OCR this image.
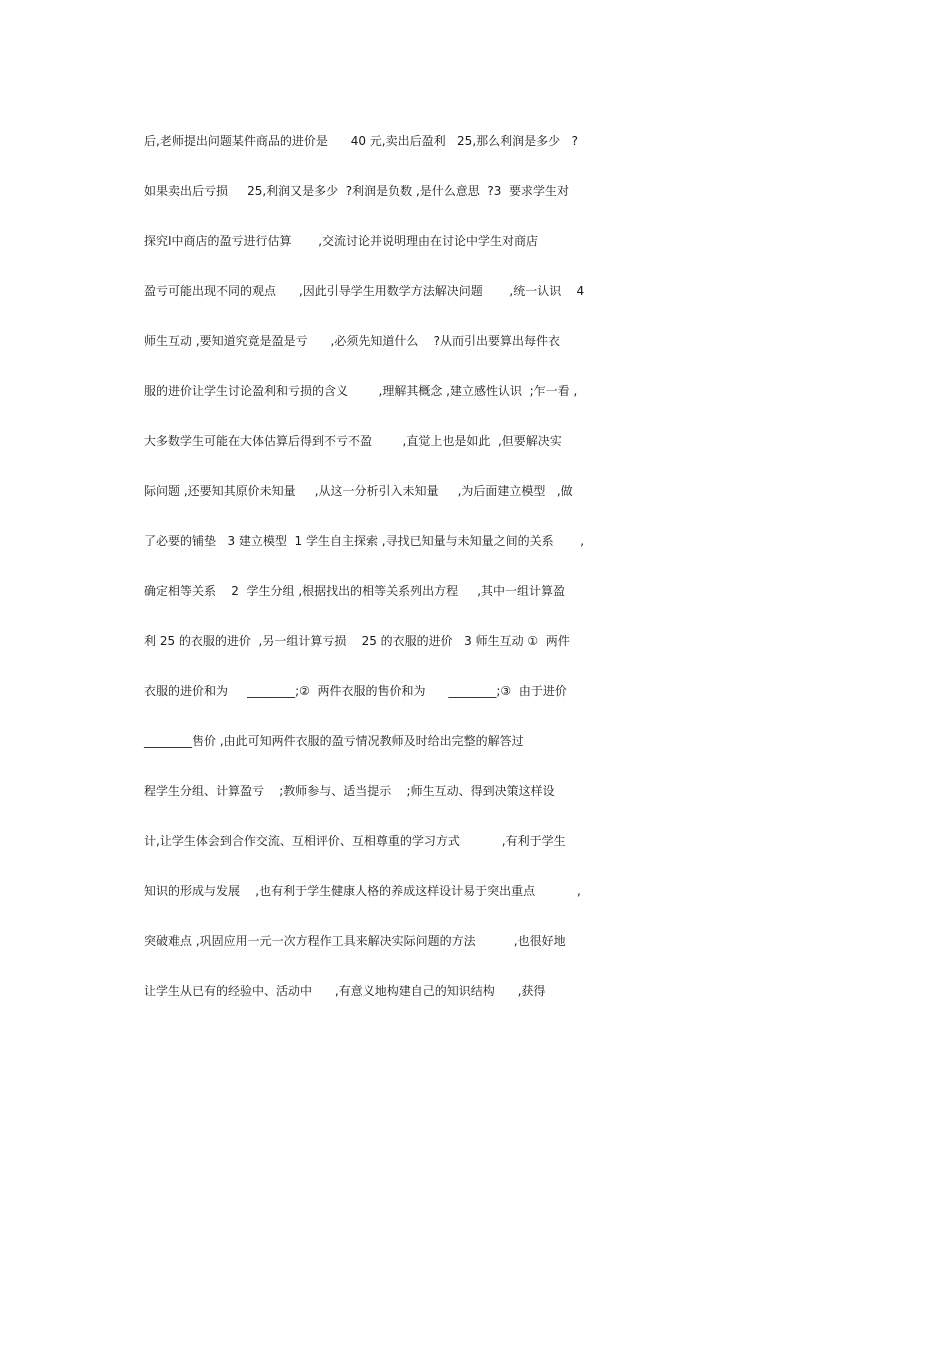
后,老师提出问题某件商品的进价是      40 元,卖出后盈利   25,那么利润是多少   ?
如果卖出后亏损     25,利润又是多少  ?利润是负数 ,是什么意思  ?3  要求学生对
探究Ⅰ中商店的盈亏进行估算       ,交流讨论并说明理由在讨论中学生对商店
盈亏可能出现不同的观点      ,因此引导学生用数学方法解决问题       ,统一认识    4
师生互动 ,要知道究竟是盈是亏      ,必须先知道什么    ?从而引出要算出每件衣
服的进价让学生讨论盈利和亏损的含义        ,理解其概念 ,建立感性认识  ;乍一看 ,
大多数学生可能在大体估算后得到不亏不盈        ,直觉上也是如此  ,但要解决实
际问题 ,还要知其原价未知量     ,从这一分析引入未知量     ,为后面建立模型   ,做
了必要的铺垫   3 建立模型  1 学生自主探索 ,寻找已知量与未知量之间的关系       ,
确定相等关系    2  学生分组 ,根据找出的相等关系列出方程     ,其中一组计算盈
利 25 的衣服的进价  ,另一组计算亏损    25 的衣服的进价   3 师生互动 ①  两件
衣服的进价和为     ________;②  两件衣服的售价和为      ________;③  由于进价
________售价 ,由此可知两件衣服的盈亏情况教师及时给出完整的解答过
程学生分组、计算盈亏    ;教师参与、适当提示    ;师生互动、得到决策这样设
计,让学生体会到合作交流、互相评价、互相尊重的学习方式           ,有利于学生
知识的形成与发展    ,也有利于学生健康人格的养成这样设计易于突出重点           ,
突破难点 ,巩固应用一元一次方程作工具来解决实际问题的方法          ,也很好地
让学生从已有的经验中、活动中      ,有意义地构建自己的知识结构      ,获得
